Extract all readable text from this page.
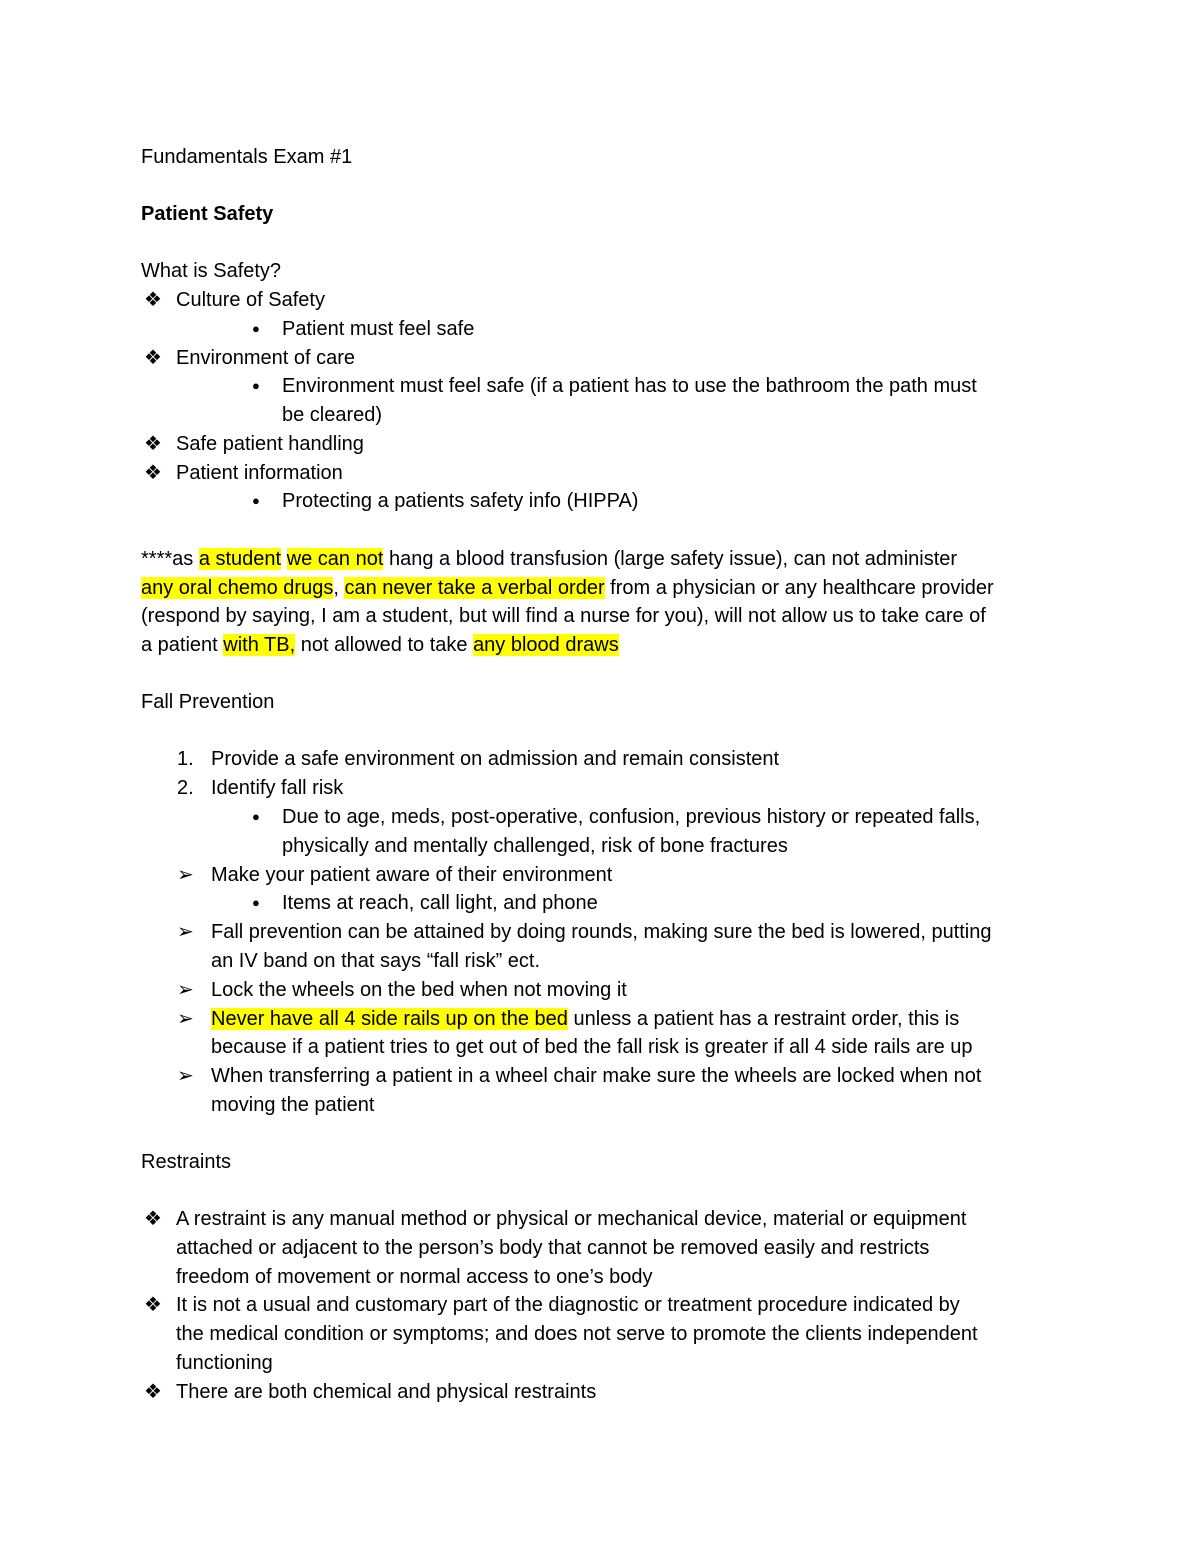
Fundamentals Exam #1
Patient Safety
What is Safety?
❖ Culture of Safety
● Patient must feel safe
❖ Environment of care
● Environment must feel safe (if a patient has to use the bathroom the path must
be cleared)
❖ Safe patient handling
❖ Patient information
● Protecting a patients safety info (HIPPA)
****as a student we can not hang a blood transfusion (large safety issue), can not administer
any oral chemo drugs, can never take a verbal order from a physician or any healthcare provider
(respond by saying, I am a student, but will find a nurse for you), will not allow us to take care of
a patient with TB, not allowed to take any blood draws
Fall Prevention
1. Provide a safe environment on admission and remain consistent
2. Identify fall risk
● Due to age, meds, post-operative, confusion, previous history or repeated falls,
physically and mentally challenged, risk of bone fractures
➢ Make your patient aware of their environment
● Items at reach, call light, and phone
➢ Fall prevention can be attained by doing rounds, making sure the bed is lowered, putting
an IV band on that says “fall risk” ect.
➢ Lock the wheels on the bed when not moving it
➢ Never have all 4 side rails up on the bed unless a patient has a restraint order, this is
because if a patient tries to get out of bed the fall risk is greater if all 4 side rails are up
➢ When transferring a patient in a wheel chair make sure the wheels are locked when not
moving the patient
Restraints
❖ A restraint is any manual method or physical or mechanical device, material or equipment
attached or adjacent to the person’s body that cannot be removed easily and restricts
freedom of movement or normal access to one’s body
❖ It is not a usual and customary part of the diagnostic or treatment procedure indicated by
the medical condition or symptoms; and does not serve to promote the clients independent
functioning
❖ There are both chemical and physical restraints
